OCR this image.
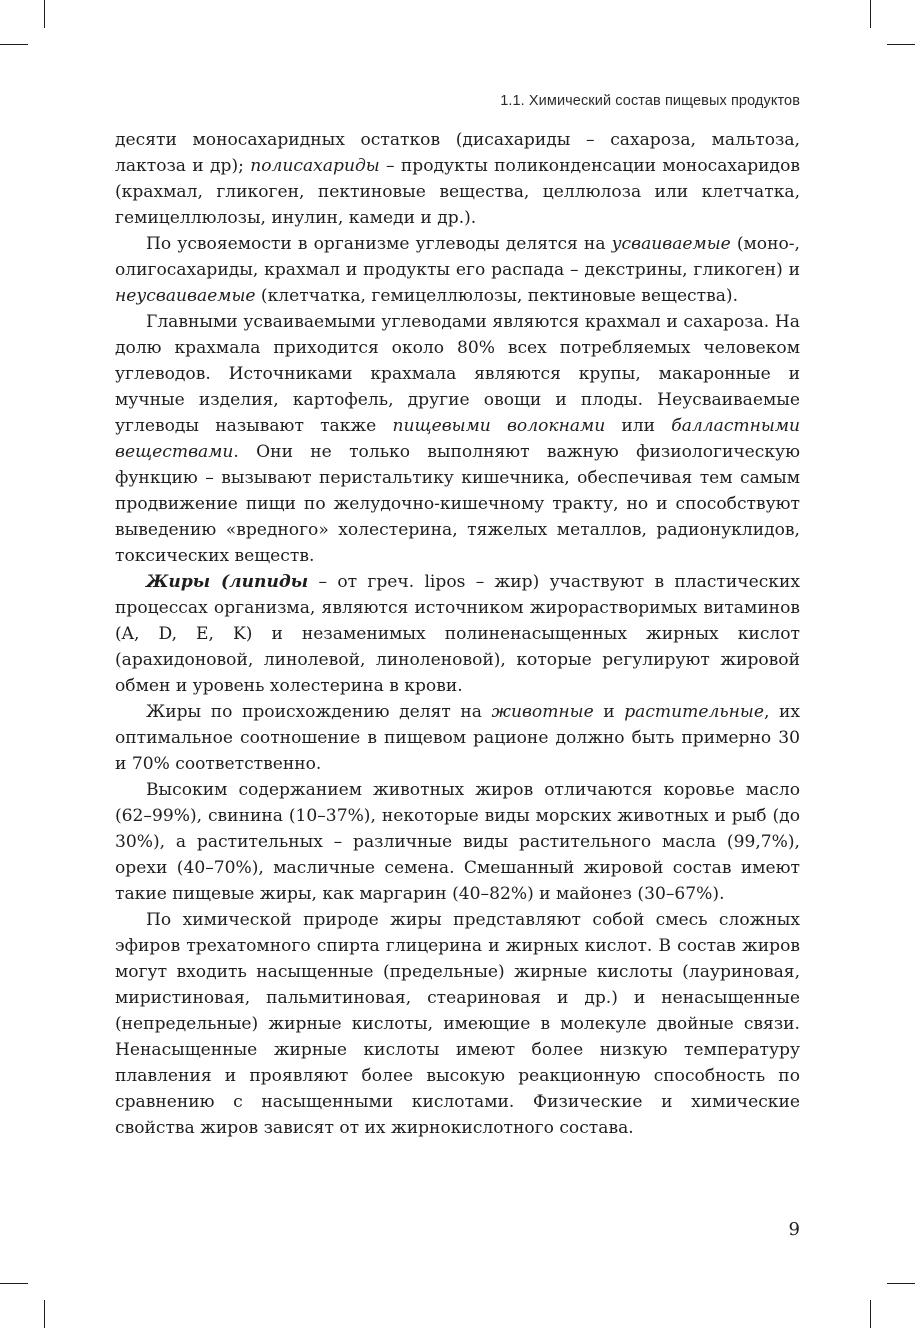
1.1. Химический состав пищевых продуктов

десяти моносахаридных остатков (дисахариды – сахароза, мальтоза, лактоза и др); полисахариды – продукты поликонденсации моносахаридов (крахмал, гликоген, пектиновые вещества, целлюлоза или клетчатка, гемицеллюлозы, инулин, камеди и др.).

По усвояемости в организме углеводы делятся на усваиваемые (моно-, олигосахариды, крахмал и продукты его распада – декстрины, гликоген) и неусваиваемые (клетчатка, гемицеллюлозы, пектиновые вещества).

Главными усваиваемыми углеводами являются крахмал и сахароза. На долю крахмала приходится около 80% всех потребляемых человеком углеводов. Источниками крахмала являются крупы, макаронные и мучные изделия, картофель, другие овощи и плоды. Неусваиваемые углеводы называют также пищевыми волокнами или балластными веществами. Они не только выполняют важную физиологическую функцию – вызывают перистальтику кишечника, обеспечивая тем самым продвижение пищи по желудочно-кишечному тракту, но и способствуют выведению «вредного» холестерина, тяжелых металлов, радионуклидов, токсических веществ.

Жиры (липиды – от греч. lipos – жир) участвуют в пластических процессах организма, являются источником жирорастворимых витаминов (A, D, E, K) и незаменимых полиненасыщенных жирных кислот (арахидоновой, линолевой, линоленовой), которые регулируют жировой обмен и уровень холестерина в крови.

Жиры по происхождению делят на животные и растительные, их оптимальное соотношение в пищевом рационе должно быть примерно 30 и 70% соответственно.

Высоким содержанием животных жиров отличаются коровье масло (62–99%), свинина (10–37%), некоторые виды морских животных и рыб (до 30%), а растительных – различные виды растительного масла (99,7%), орехи (40–70%), масличные семена. Смешанный жировой состав имеют такие пищевые жиры, как маргарин (40–82%) и майонез (30–67%).

По химической природе жиры представляют собой смесь сложных эфиров трехатомного спирта глицерина и жирных кислот. В состав жиров могут входить насыщенные (предельные) жирные кислоты (лауриновая, миристиновая, пальмитиновая, стеариновая и др.) и ненасыщенные (непредельные) жирные кислоты, имеющие в молекуле двойные связи. Ненасыщенные жирные кислоты имеют более низкую температуру плавления и проявляют более высокую реакционную способность по сравнению с насыщенными кислотами. Физические и химические свойства жиров зависят от их жирнокислотного состава.

9
